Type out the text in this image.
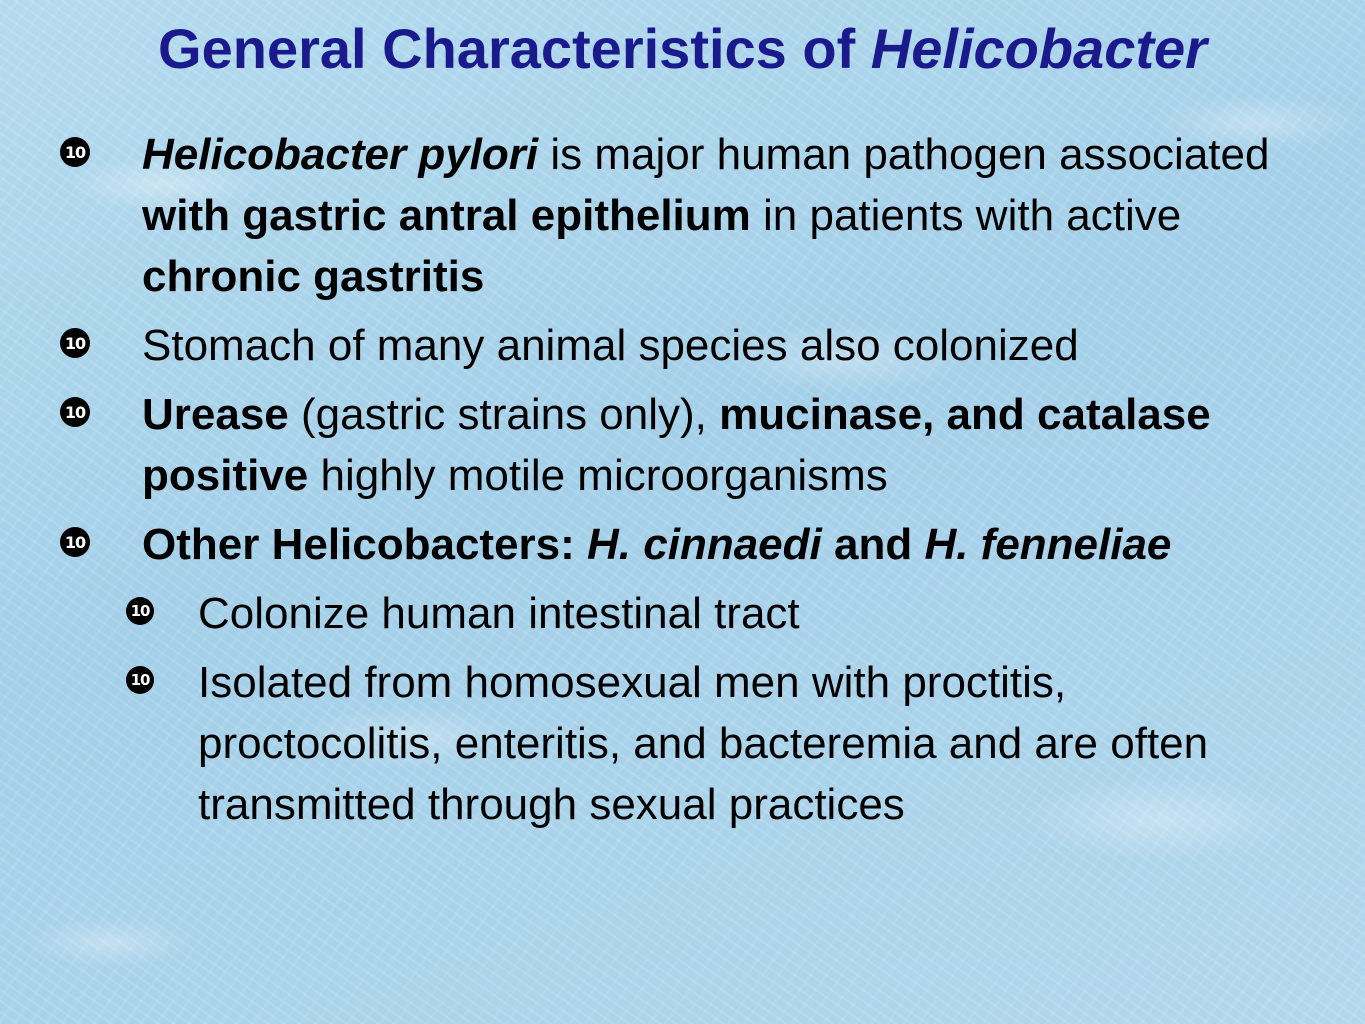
General Characteristics of Helicobacter
10 Helicobacter pylori is major human pathogen associated with gastric antral epithelium in patients with active chronic gastritis
10 Stomach of many animal species also colonized
10 Urease (gastric strains only), mucinase, and catalase positive highly motile microorganisms
10 Other Helicobacters: H. cinnaedi and H. fenneliae
10 Colonize human intestinal tract
10 Isolated from homosexual men with proctitis, proctocolitis, enteritis, and bacteremia and are often transmitted through sexual practices
